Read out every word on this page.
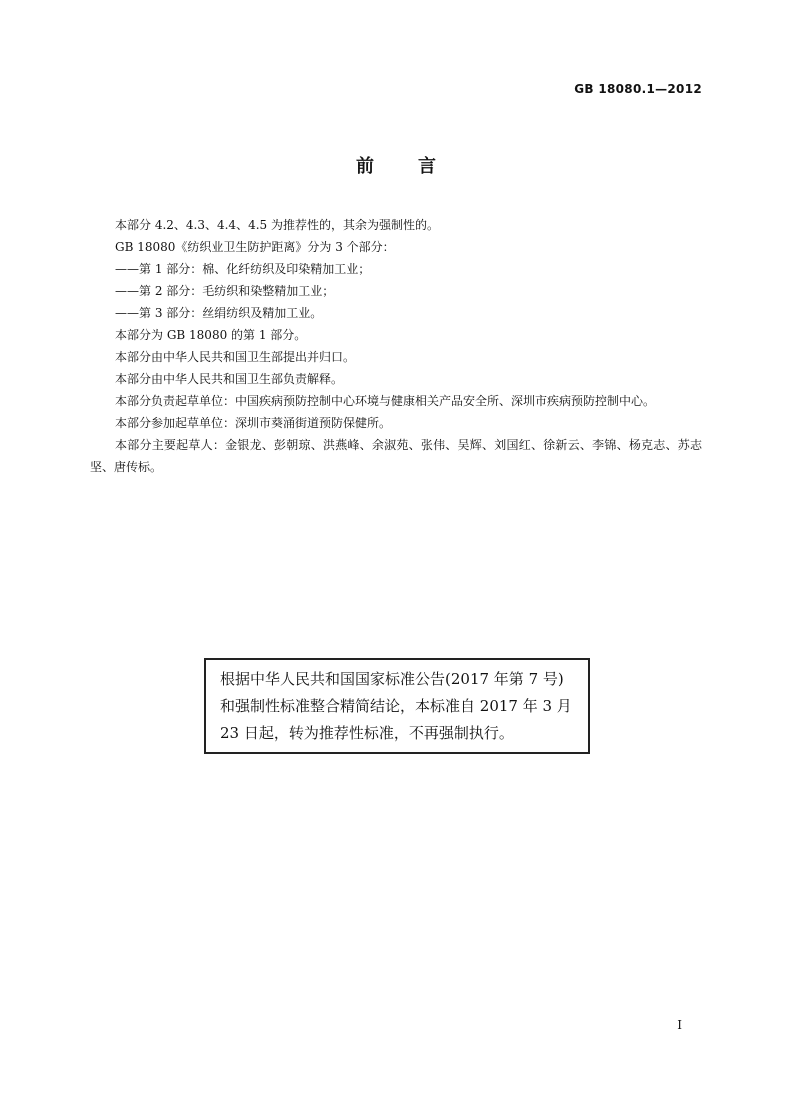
GB 18080.1—2012
前言

本部分 4.2、4.3、4.4、4.5 为推荐性的，其余为强制性的。

GB 18080《纺织业卫生防护距离》分为 3 个部分：

——第 1 部分：棉、化纤纺织及印染精加工业；

——第 2 部分：毛纺织和染整精加工业；

——第 3 部分：丝绢纺织及精加工业。

本部分为 GB 18080 的第 1 部分。

本部分由中华人民共和国卫生部提出并归口。

本部分由中华人民共和国卫生部负责解释。

本部分负责起草单位：中国疾病预防控制中心环境与健康相关产品安全所、深圳市疾病预防控制中心。

本部分参加起草单位：深圳市葵涌街道预防保健所。

本部分主要起草人：金银龙、彭朝琼、洪燕峰、余淑苑、张伟、吴辉、刘国红、徐新云、李锦、杨克志、苏志坚、唐传标。

根据中华人民共和国国家标准公告(2017 年第 7 号)和强制性标准整合精简结论，本标准自 2017 年 3 月 23 日起，转为推荐性标准，不再强制执行。

I
